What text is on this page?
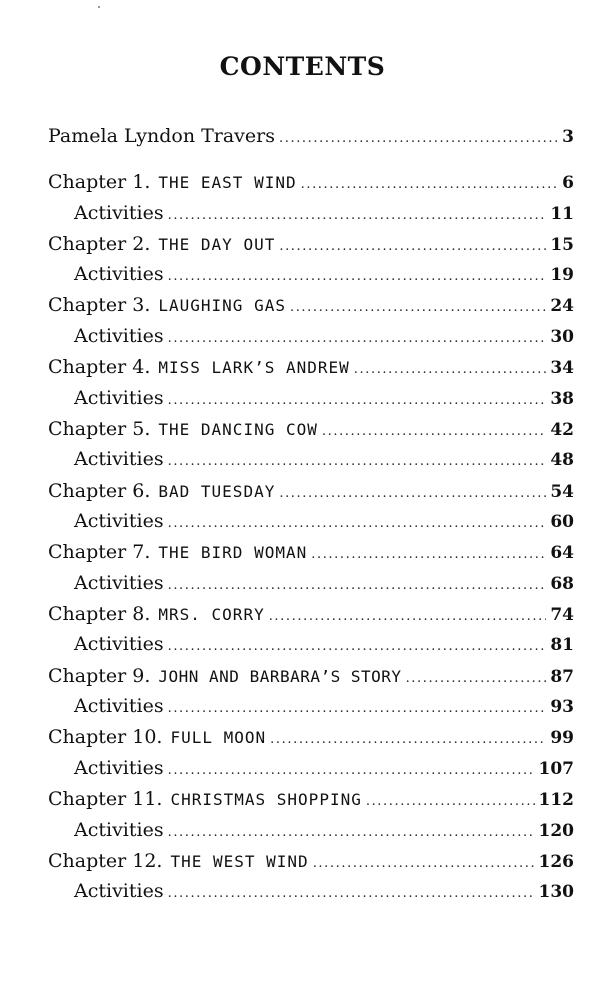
CONTENTS
Pamela Lyndon Travers .....	3
Chapter 1. THE EAST WIND .....	6
Activities .....	11
Chapter 2. THE DAY OUT .....	15
Activities .....	19
Chapter 3. LAUGHING GAS .....	24
Activities .....	30
Chapter 4. MISS LARK’S ANDREW .....	34
Activities .....	38
Chapter 5. THE DANCING COW .....	42
Activities .....	48
Chapter 6. BAD TUESDAY .....	54
Activities .....	60
Chapter 7. THE BIRD WOMAN .....	64
Activities .....	68
Chapter 8. MRS. CORRY .....	74
Activities .....	81
Chapter 9. JOHN AND BARBARA’S STORY .....	87
Activities .....	93
Chapter 10. FULL MOON .....	99
Activities .....	107
Chapter 11. CHRISTMAS SHOPPING .....	112
Activities .....	120
Chapter 12. THE WEST WIND .....	126
Activities .....	130
